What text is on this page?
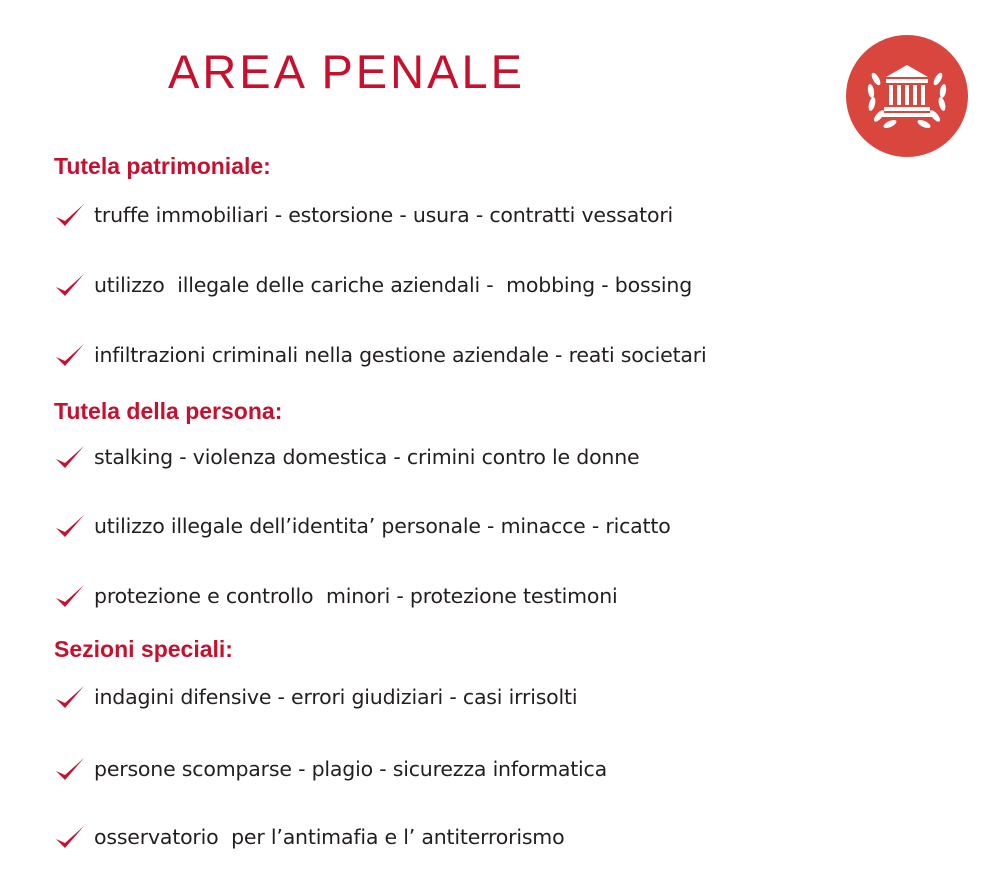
AREA PENALE
Tutela patrimoniale:
truffe immobiliari - estorsione - usura - contratti vessatori
utilizzo  illegale delle cariche aziendali -  mobbing - bossing
infiltrazioni criminali nella gestione aziendale - reati societari
Tutela della persona:
stalking - violenza domestica - crimini contro le donne
utilizzo illegale dell’identita’ personale - minacce - ricatto
protezione e controllo  minori - protezione testimoni
Sezioni speciali:
indagini difensive - errori giudiziari - casi irrisolti
persone scomparse - plagio - sicurezza informatica
osservatorio  per l’antimafia e l’ antiterrorismo
